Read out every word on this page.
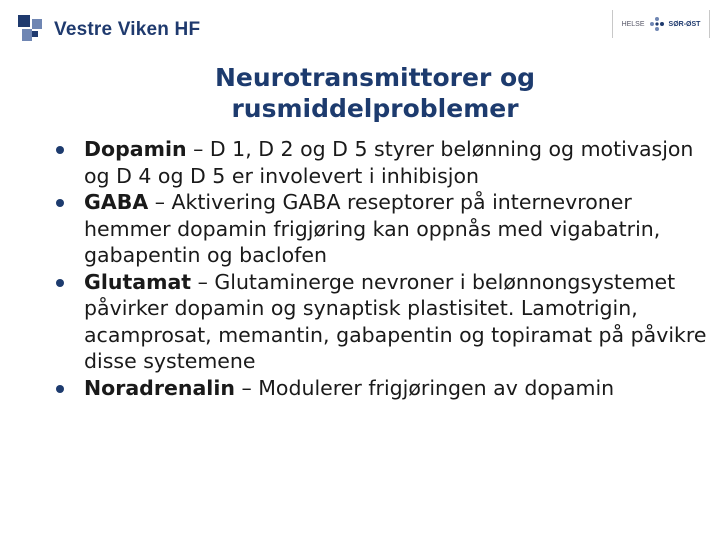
Vestre Viken HF	HELSE	SØR-ØST
Neurotransmittorer og
rusmiddelproblemer
Dopamin – D 1, D 2 og D 5 styrer belønning og motivasjon og D 4 og D 5 er involevert i inhibisjon
GABA – Aktivering GABA reseptorer på internevroner hemmer dopamin frigjøring kan oppnås med vigabatrin, gabapentin og baclofen
Glutamat – Glutaminerge nevroner i belønnongsystemet påvirker dopamin og synaptisk plastisitet. Lamotrigin, acamprosat, memantin, gabapentin og topiramat på påvikre disse systemene
Noradrenalin – Modulerer frigjøringen av dopamin
